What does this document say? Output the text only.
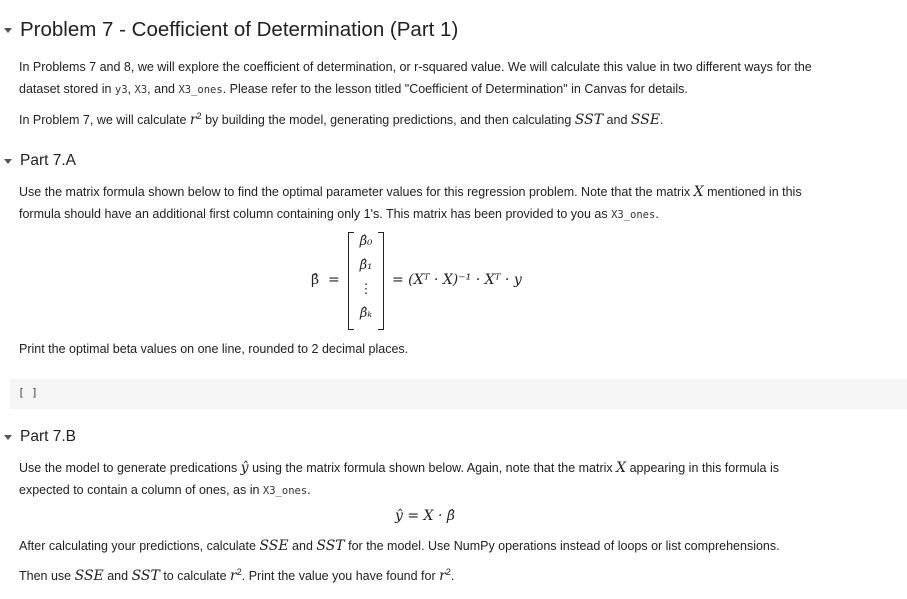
Problem 7 - Coefficient of Determination (Part 1)
In Problems 7 and 8, we will explore the coefficient of determination, or r-squared value. We will calculate this value in two different ways for the
dataset stored in y3, X3, and X3_ones. Please refer to the lesson titled "Coefficient of Determination" in Canvas for details.
In Problem 7, we will calculate $r^2$ by building the model, generating predictions, and then calculating SST and SSE.
Part 7.A
Use the matrix formula shown below to find the optimal parameter values for this regression problem. Note that the matrix X mentioned in this
formula should have an additional first column containing only 1's. This matrix has been provided to you as X3_ones.
β̂ =
β̂₀
β̂₁
⋮
β̂ₖ
= (Xᵀ · X)⁻¹ · Xᵀ · y
Print the optimal beta values on one line, rounded to 2 decimal places.
[ ]
Part 7.B
Use the model to generate predications ŷ using the matrix formula shown below. Again, note that the matrix X appearing in this formula is
expected to contain a column of ones, as in X3_ones.
ŷ = X · β̂
After calculating your predictions, calculate SSE and SST for the model. Use NumPy operations instead of loops or list comprehensions.
Then use SSE and SST to calculate $r^2$. Print the value you have found for $r^2$.
